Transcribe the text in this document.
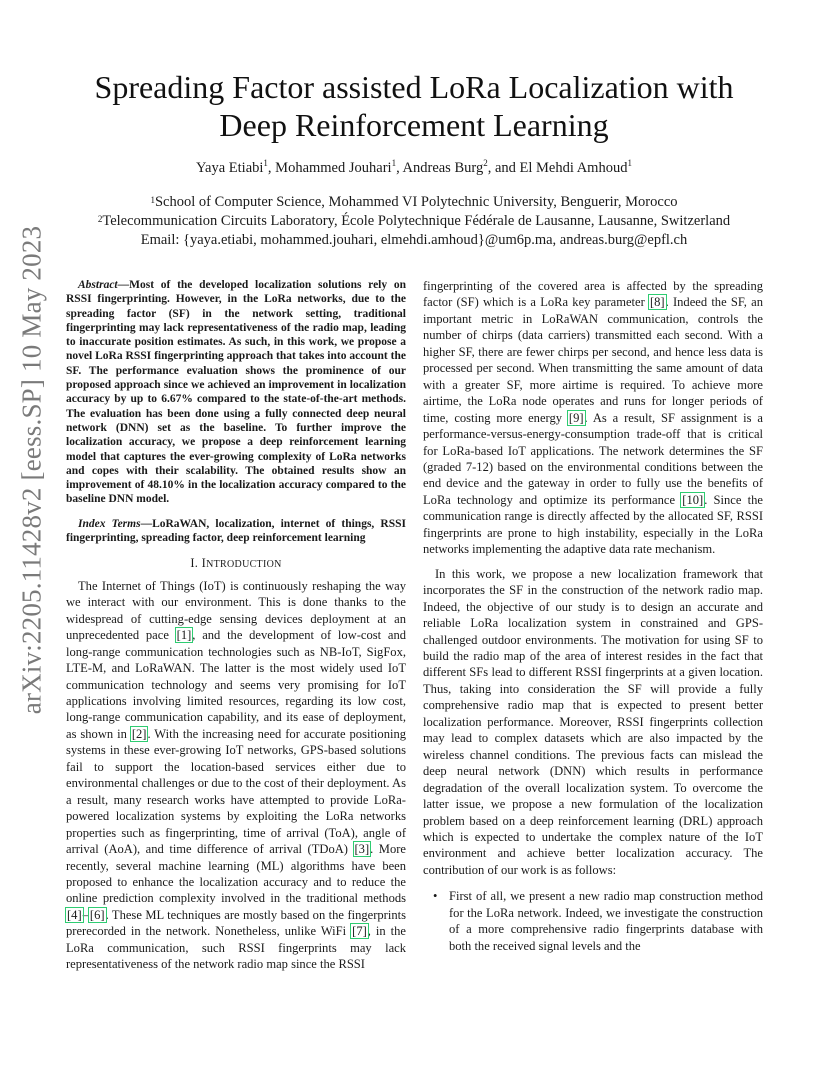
arXiv:2205.11428v2 [eess.SP] 10 May 2023
Spreading Factor assisted LoRa Localization with Deep Reinforcement Learning
Yaya Etiabi$^1$, Mohammed Jouhari$^1$, Andreas Burg$^2$, and El Mehdi Amhoud$^1$
$^1$School of Computer Science, Mohammed VI Polytechnic University, Benguerir, Morocco
$^2$Telecommunication Circuits Laboratory, École Polytechnique Fédérale de Lausanne, Lausanne, Switzerland
Email: {yaya.etiabi, mohammed.jouhari, elmehdi.amhoud}@um6p.ma, andreas.burg@epfl.ch

Abstract—Most of the developed localization solutions rely on RSSI fingerprinting. However, in the LoRa networks, due to the spreading factor (SF) in the network setting, traditional fingerprinting may lack representativeness of the radio map, leading to inaccurate position estimates. As such, in this work, we propose a novel LoRa RSSI fingerprinting approach that takes into account the SF. The performance evaluation shows the prominence of our proposed approach since we achieved an improvement in localization accuracy by up to 6.67% compared to the state-of-the-art methods. The evaluation has been done using a fully connected deep neural network (DNN) set as the baseline. To further improve the localization accuracy, we propose a deep reinforcement learning model that captures the ever-growing complexity of LoRa networks and copes with their scalability. The obtained results show an improvement of 48.10% in the localization accuracy compared to the baseline DNN model.

Index Terms—LoRaWAN, localization, internet of things, RSSI fingerprinting, spreading factor, deep reinforcement learning

I. INTRODUCTION

The Internet of Things (IoT) is continuously reshaping the way we interact with our environment. This is done thanks to the widespread of cutting-edge sensing devices deployment at an unprecedented pace [1], and the development of low-cost and long-range communication technologies such as NB-IoT, SigFox, LTE-M, and LoRaWAN. The latter is the most widely used IoT communication technology and seems very promising for IoT applications involving limited resources, regarding its low cost, long-range communication capability, and its ease of deployment, as shown in [2]. With the increasing need for accurate positioning systems in these ever-growing IoT networks, GPS-based solutions fail to support the location-based services either due to environmental challenges or due to the cost of their deployment. As a result, many research works have attempted to provide LoRa-powered localization systems by exploiting the LoRa networks properties such as fingerprinting, time of arrival (ToA), angle of arrival (AoA), and time difference of arrival (TDoA) [3]. More recently, several machine learning (ML) algorithms have been proposed to enhance the localization accuracy and to reduce the online prediction complexity involved in the traditional methods [4]–[6]. These ML techniques are mostly based on the fingerprints prerecorded in the network. Nonetheless, unlike WiFi [7], in the LoRa communication, such RSSI fingerprints may lack representativeness of the network radio map since the RSSI

fingerprinting of the covered area is affected by the spreading factor (SF) which is a LoRa key parameter [8]. Indeed the SF, an important metric in LoRaWAN communication, controls the number of chirps (data carriers) transmitted each second. With a higher SF, there are fewer chirps per second, and hence less data is processed per second. When transmitting the same amount of data with a greater SF, more airtime is required. To achieve more airtime, the LoRa node operates and runs for longer periods of time, costing more energy [9]. As a result, SF assignment is a performance-versus-energy-consumption trade-off that is critical for LoRa-based IoT applications. The network determines the SF (graded 7-12) based on the environmental conditions between the end device and the gateway in order to fully use the benefits of LoRa technology and optimize its performance [10]. Since the communication range is directly affected by the allocated SF, RSSI fingerprints are prone to high instability, especially in the LoRa networks implementing the adaptive data rate mechanism.

In this work, we propose a new localization framework that incorporates the SF in the construction of the network radio map. Indeed, the objective of our study is to design an accurate and reliable LoRa localization system in constrained and GPS-challenged outdoor environments. The motivation for using SF to build the radio map of the area of interest resides in the fact that different SFs lead to different RSSI fingerprints at a given location. Thus, taking into consideration the SF will provide a fully comprehensive radio map that is expected to present better localization performance. Moreover, RSSI fingerprints collection may lead to complex datasets which are also impacted by the wireless channel conditions. The previous facts can mislead the deep neural network (DNN) which results in performance degradation of the overall localization system. To overcome the latter issue, we propose a new formulation of the localization problem based on a deep reinforcement learning (DRL) approach which is expected to undertake the complex nature of the IoT environment and achieve better localization accuracy. The contribution of our work is as follows:

• First of all, we present a new radio map construction method for the LoRa network. Indeed, we investigate the construction of a more comprehensive radio fingerprints database with both the received signal levels and the
